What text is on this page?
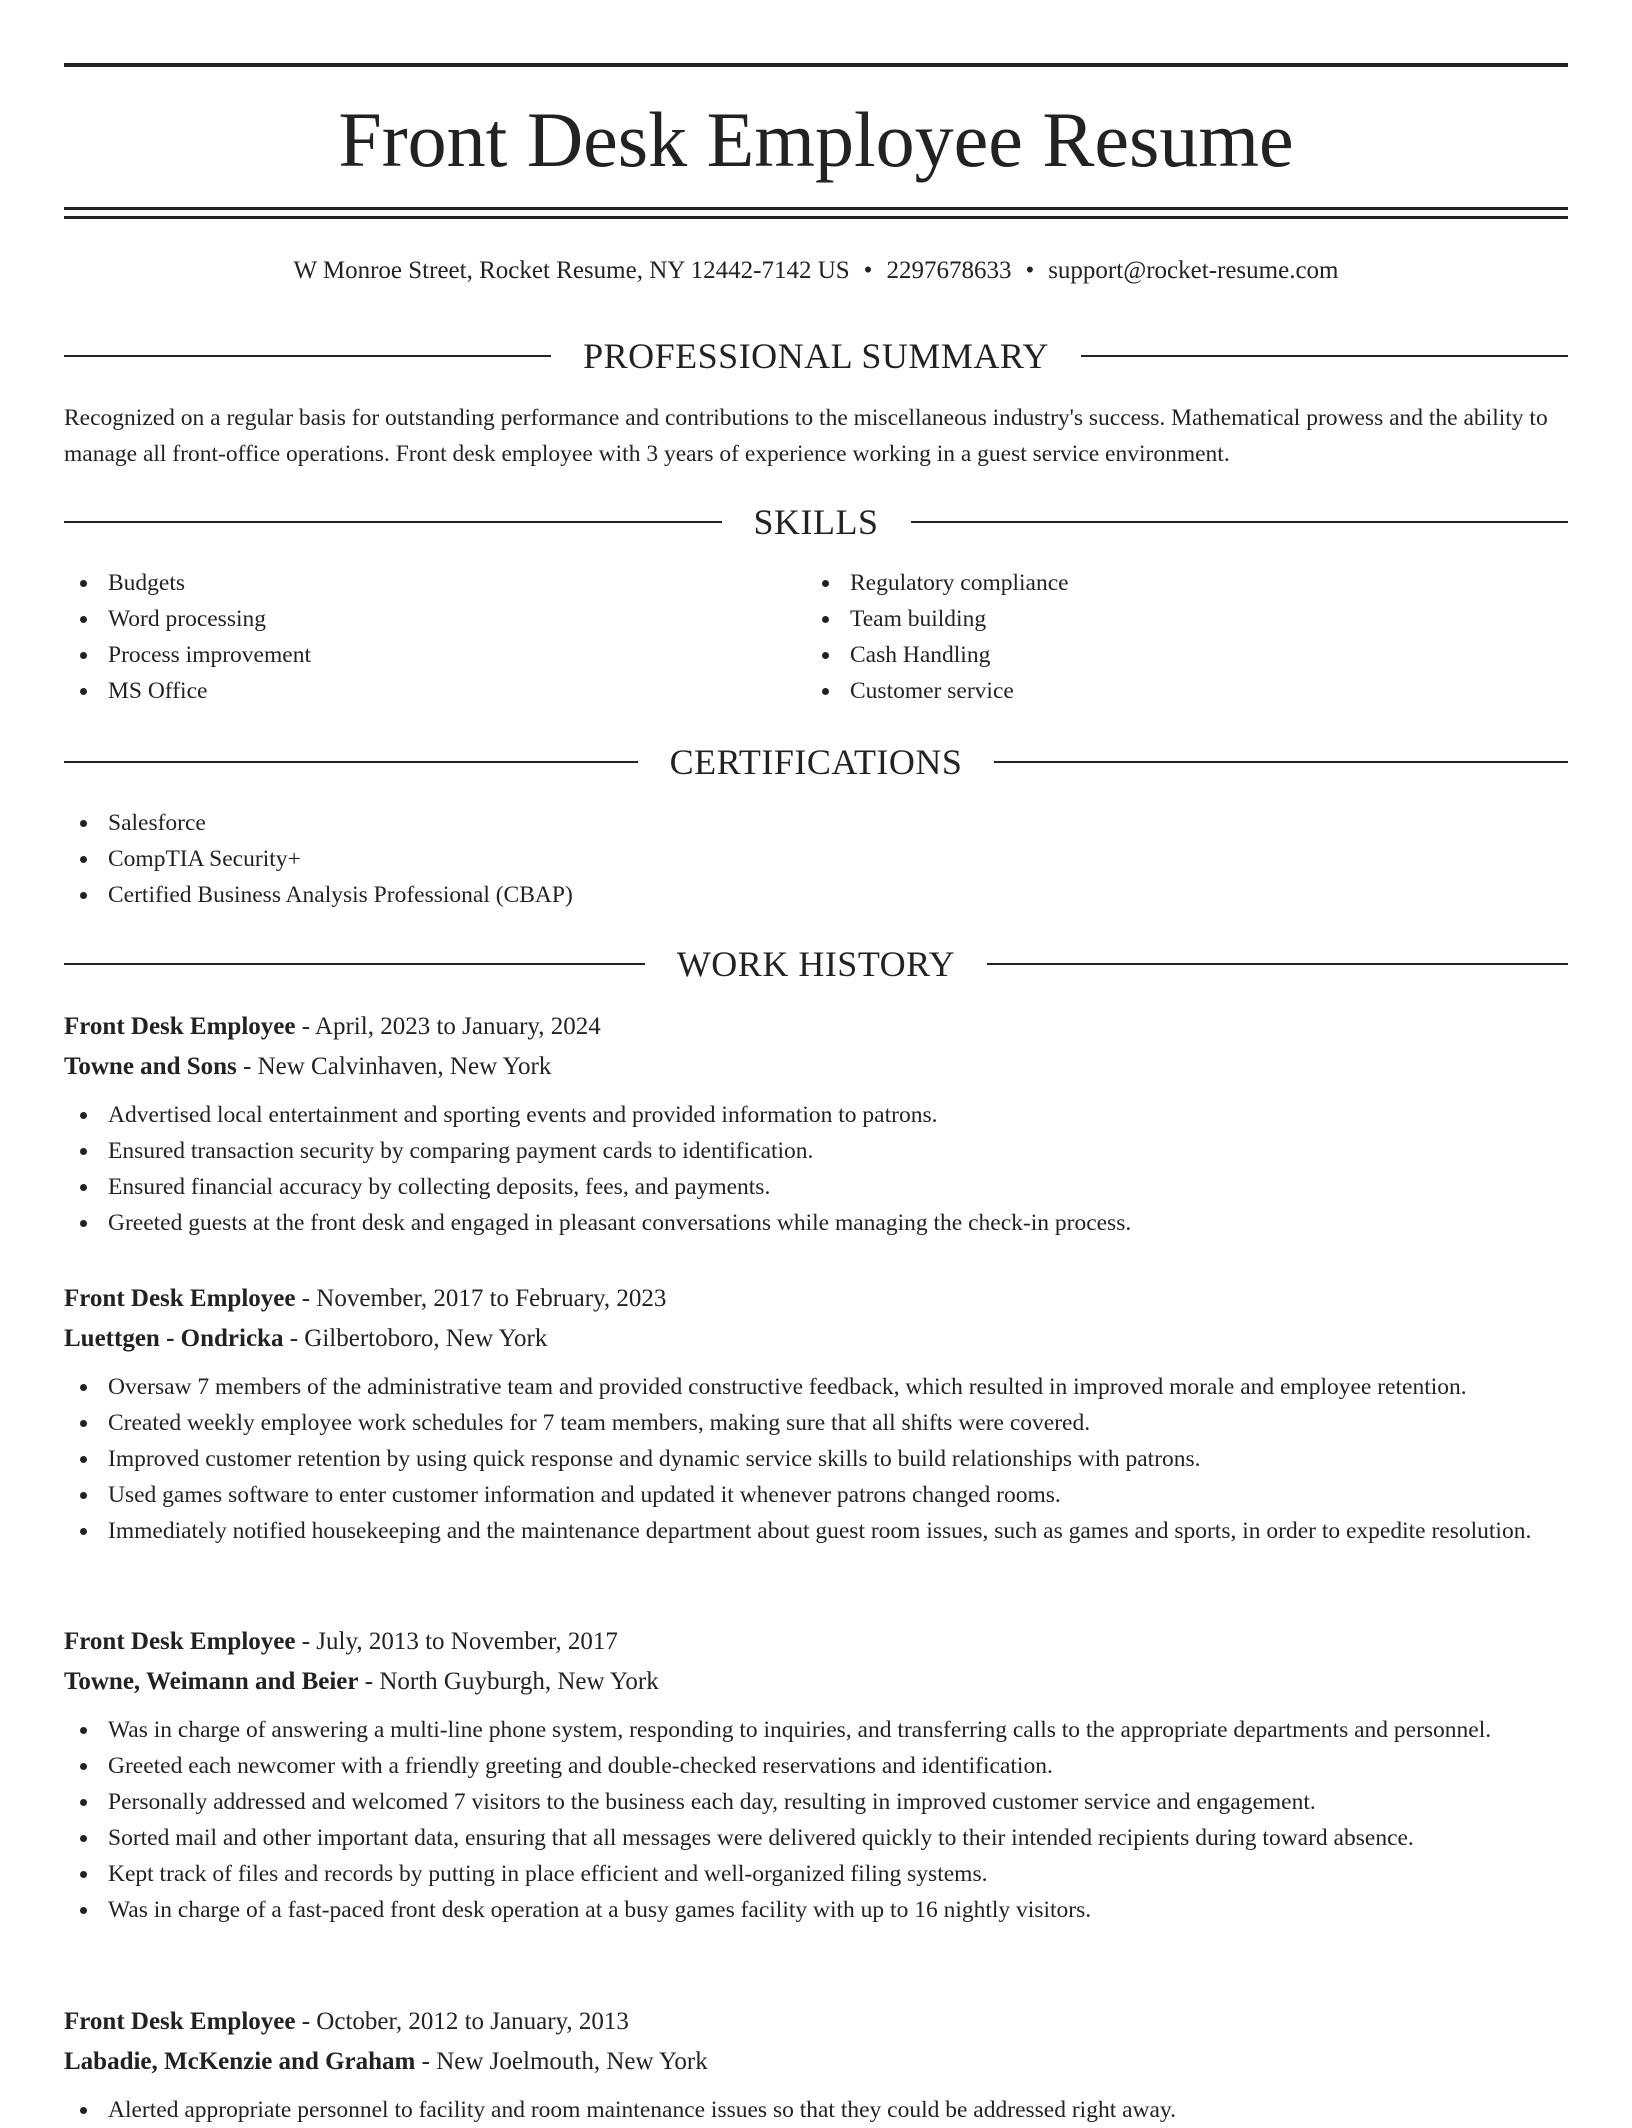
Front Desk Employee Resume
W Monroe Street, Rocket Resume, NY 12442-7142 US • 2297678633 • support@rocket-resume.com
PROFESSIONAL SUMMARY
Recognized on a regular basis for outstanding performance and contributions to the miscellaneous industry's success. Mathematical prowess and the ability to manage all front-office operations. Front desk employee with 3 years of experience working in a guest service environment.
SKILLS
Budgets
Word processing
Process improvement
MS Office
Regulatory compliance
Team building
Cash Handling
Customer service
CERTIFICATIONS
Salesforce
CompTIA Security+
Certified Business Analysis Professional (CBAP)
WORK HISTORY
Front Desk Employee - April, 2023 to January, 2024
Towne and Sons - New Calvinhaven, New York
Advertised local entertainment and sporting events and provided information to patrons.
Ensured transaction security by comparing payment cards to identification.
Ensured financial accuracy by collecting deposits, fees, and payments.
Greeted guests at the front desk and engaged in pleasant conversations while managing the check-in process.
Front Desk Employee - November, 2017 to February, 2023
Luettgen - Ondricka - Gilbertoboro, New York
Oversaw 7 members of the administrative team and provided constructive feedback, which resulted in improved morale and employee retention.
Created weekly employee work schedules for 7 team members, making sure that all shifts were covered.
Improved customer retention by using quick response and dynamic service skills to build relationships with patrons.
Used games software to enter customer information and updated it whenever patrons changed rooms.
Immediately notified housekeeping and the maintenance department about guest room issues, such as games and sports, in order to expedite resolution.
Front Desk Employee - July, 2013 to November, 2017
Towne, Weimann and Beier - North Guyburgh, New York
Was in charge of answering a multi-line phone system, responding to inquiries, and transferring calls to the appropriate departments and personnel.
Greeted each newcomer with a friendly greeting and double-checked reservations and identification.
Personally addressed and welcomed 7 visitors to the business each day, resulting in improved customer service and engagement.
Sorted mail and other important data, ensuring that all messages were delivered quickly to their intended recipients during toward absence.
Kept track of files and records by putting in place efficient and well-organized filing systems.
Was in charge of a fast-paced front desk operation at a busy games facility with up to 16 nightly visitors.
Front Desk Employee - October, 2012 to January, 2013
Labadie, McKenzie and Graham - New Joelmouth, New York
Alerted appropriate personnel to facility and room maintenance issues so that they could be addressed right away.
